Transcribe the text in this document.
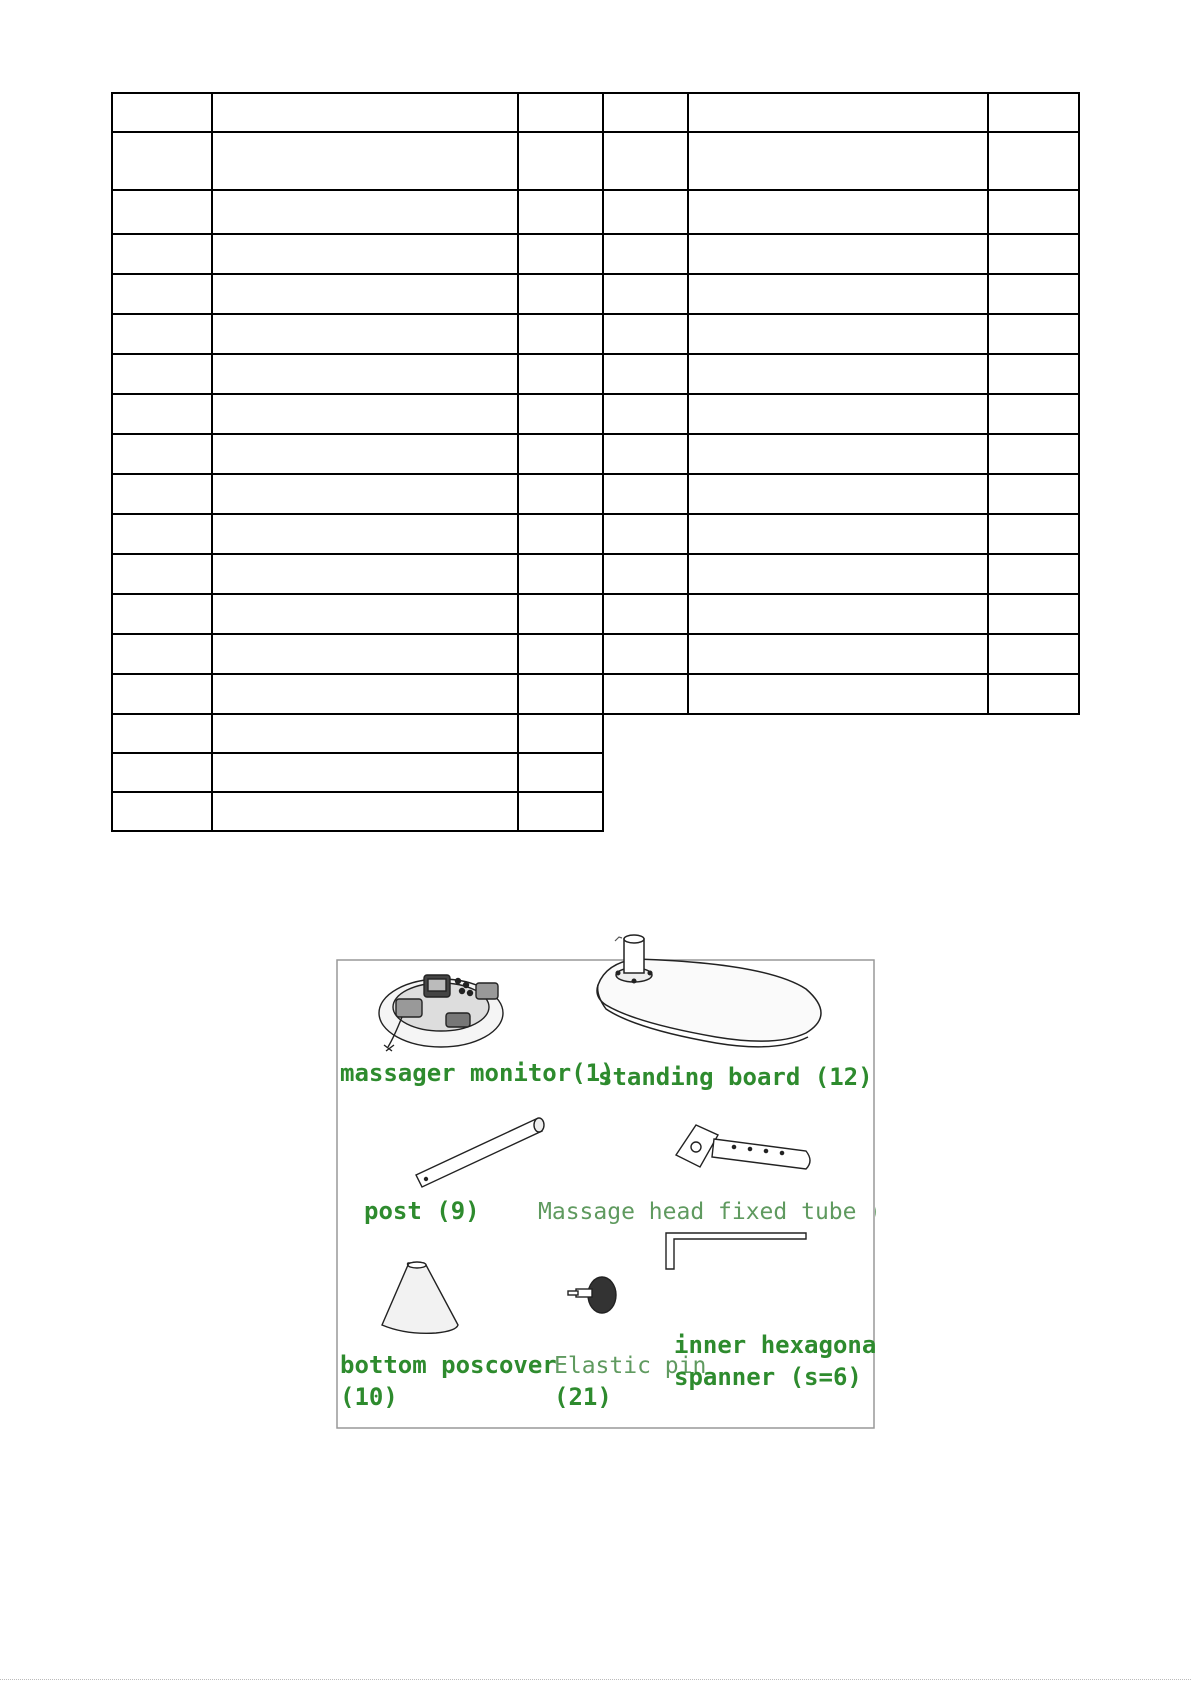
massager monitor(1)
standing board (12)
post (9)	Massage head fixed tube (3)
bottom poscover
(10)
Elastic pin
(21)
inner hexagonal
spanner (s=6)
